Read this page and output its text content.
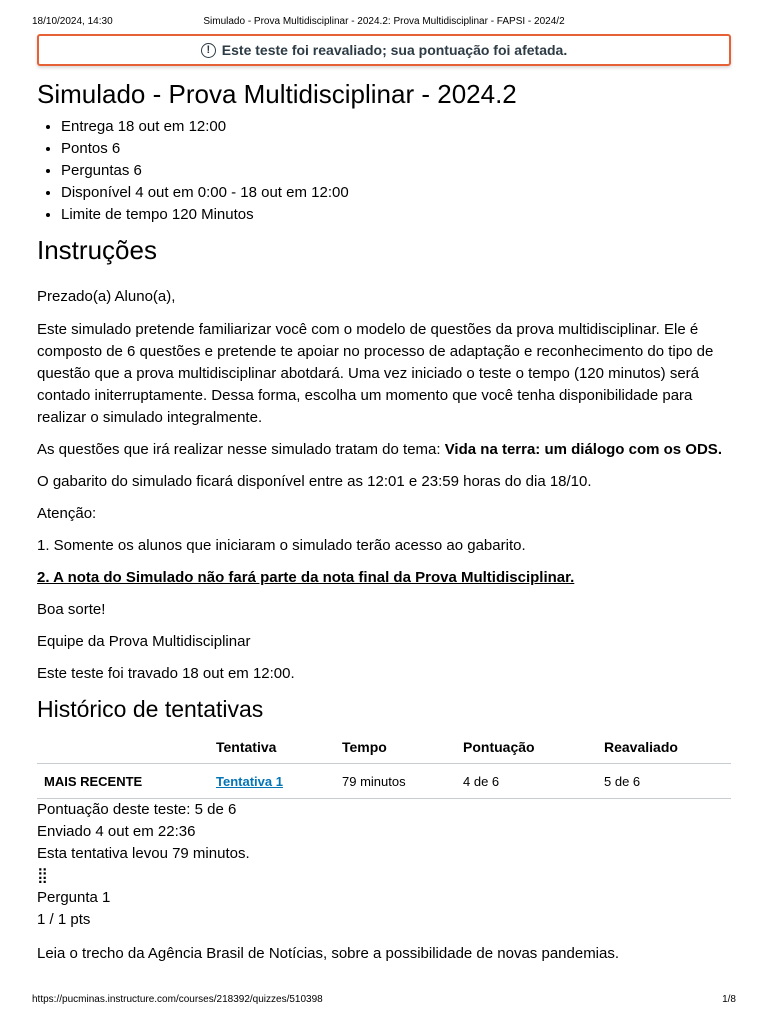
18/10/2024, 14:30	Simulado - Prova Multidisciplinar - 2024.2: Prova Multidisciplinar - FAPSI - 2024/2
! Este teste foi reavaliado; sua pontuação foi afetada.
Simulado - Prova Multidisciplinar - 2024.2
• Entrega 18 out em 12:00
• Pontos 6
• Perguntas 6
• Disponível 4 out em 0:00 - 18 out em 12:00
• Limite de tempo 120 Minutos
Instruções

Prezado(a) Aluno(a),

Este simulado pretende familiarizar você com o modelo de questões da prova multidisciplinar. Ele é composto de 6 questões e pretende te apoiar no processo de adaptação e reconhecimento do tipo de questão que a prova multidisciplinar abotdará. Uma vez iniciado o teste o tempo (120 minutos) será contado initerruptamente. Dessa forma, escolha um momento que você tenha disponibilidade para realizar o simulado integralmente.

As questões que irá realizar nesse simulado tratam do tema: Vida na terra: um diálogo com os ODS.

O gabarito do simulado ficará disponível entre as 12:01 e 23:59 horas do dia 18/10.

Atenção:

1. Somente os alunos que iniciaram o simulado terão acesso ao gabarito.

2. A nota do Simulado não fará parte da nota final da Prova Multidisciplinar.

Boa sorte!

Equipe da Prova Multidisciplinar

Este teste foi travado 18 out em 12:00.

Histórico de tentativas
	Tentativa	Tempo	Pontuação	Reavaliado
MAIS RECENTE	Tentativa 1	79 minutos	4 de 6	5 de 6

Pontuação deste teste: 5 de 6

Enviado 4 out em 22:36

Esta tentativa levou 79 minutos.

⣿

Pergunta 1

1 / 1 pts

Leia o trecho da Agência Brasil de Notícias, sobre a possibilidade de novas pandemias.

https://pucminas.instructure.com/courses/218392/quizzes/510398	1/8
